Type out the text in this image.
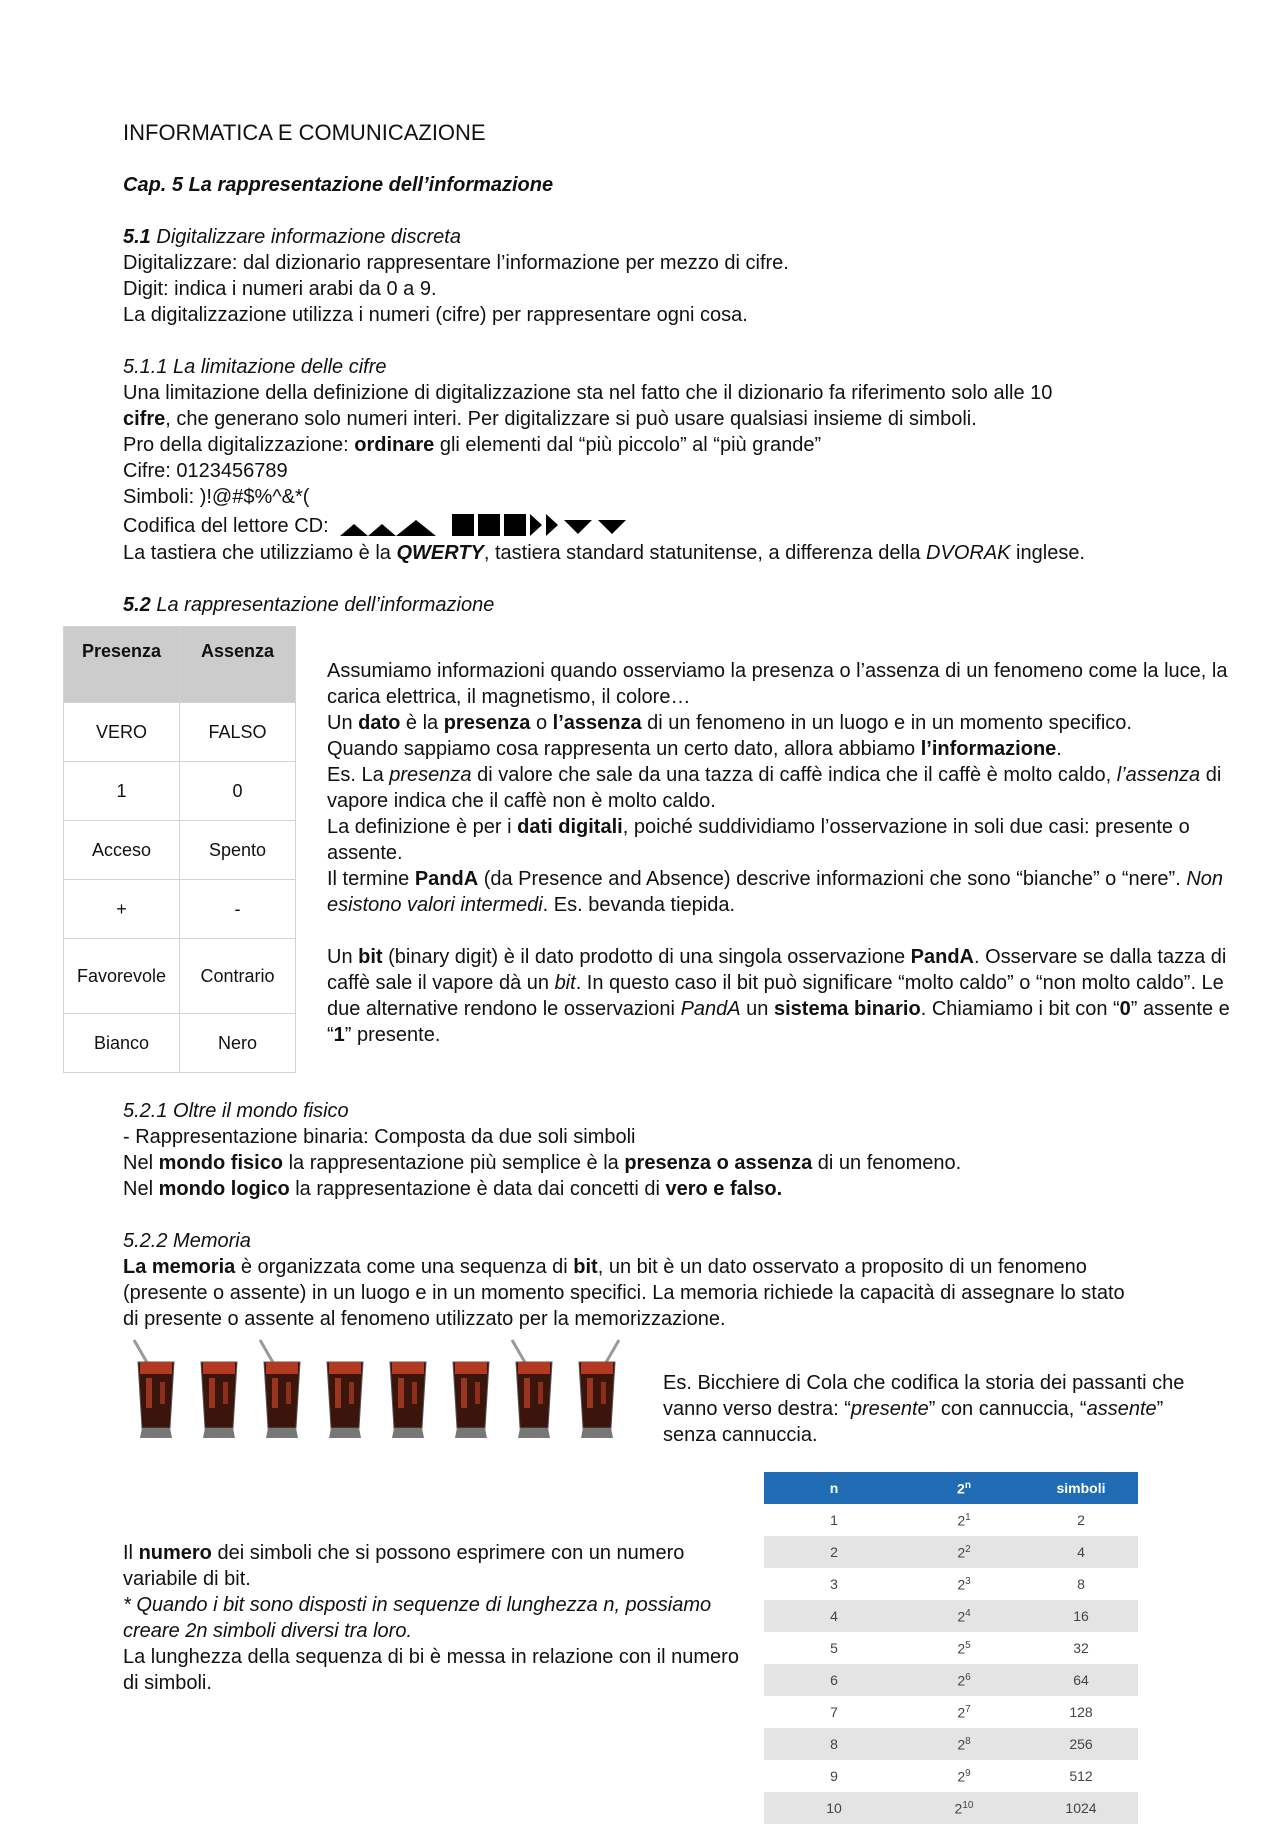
INFORMATICA E COMUNICAZIONE
Cap. 5 La rappresentazione dell’informazione
5.1 Digitalizzare informazione discreta
Digitalizzare: dal dizionario rappresentare l’informazione per mezzo di cifre.
Digit: indica i numeri arabi da 0 a 9.
La digitalizzazione utilizza i numeri (cifre) per rappresentare ogni cosa.
5.1.1 La limitazione delle cifre
Una limitazione della definizione di digitalizzazione sta nel fatto che il dizionario fa riferimento solo alle 10
cifre, che generano solo numeri interi. Per digitalizzare si può usare qualsiasi insieme di simboli.
Pro della digitalizzazione: ordinare gli elementi dal “più piccolo” al “più grande”
Cifre: 0123456789
Simboli: )!@#$%^&*(
Codifica del lettore CD:
La tastiera che utilizziamo è la QWERTY, tastiera standard statunitense, a differenza della DVORAK inglese.
5.2 La rappresentazione dell’informazione
Presenza	Assenza
VERO	FALSO
1	0
Acceso	Spento
+	-
Favorevole	Contrario
Bianco	Nero

Assumiamo informazioni quando osserviamo la presenza o l’assenza di un fenomeno come la luce, la carica elettrica, il magnetismo, il colore…

Un dato è la presenza o l’assenza di un fenomeno in un luogo e in un momento specifico.

Quando sappiamo cosa rappresenta un certo dato, allora abbiamo l’informazione.

Es. La presenza di valore che sale da una tazza di caffè indica che il caffè è molto caldo, l’assenza di vapore indica che il caffè non è molto caldo.

La definizione è per i dati digitali, poiché suddividiamo l’osservazione in soli due casi: presente o assente.

Il termine PandA (da Presence and Absence) descrive informazioni che sono “bianche” o “nere”. Non esistono valori intermedi. Es. bevanda tiepida.

Un bit (binary digit) è il dato prodotto di una singola osservazione PandA. Osservare se dalla tazza di caffè sale il vapore dà un bit. In questo caso il bit può significare “molto caldo” o “non molto caldo”. Le due alternative rendono le osservazioni PandA un sistema binario. Chiamiamo i bit con “0” assente e “1” presente.

5.2.1 Oltre il mondo fisico
- Rappresentazione binaria: Composta da due soli simboli
Nel mondo fisico la rappresentazione più semplice è la presenza o assenza di un fenomeno.
Nel mondo logico la rappresentazione è data dai concetti di vero e falso.
5.2.2 Memoria
La memoria è organizzata come una sequenza di bit, un bit è un dato osservato a proposito di un fenomeno (presente o assente) in un luogo e in un momento specifici. La memoria richiede la capacità di assegnare lo stato di presente o assente al fenomeno utilizzato per la memorizzazione.
Es. Bicchiere di Cola che codifica la storia dei passanti che vanno verso destra: “presente” con cannuccia, “assente” senza cannuccia.

Il numero dei simboli che si possono esprimere con un numero variabile di bit.

* Quando i bit sono disposti in sequenze di lunghezza n, possiamo creare 2n simboli diversi tra loro.

La lunghezza della sequenza di bi è messa in relazione con il numero di simboli.

n	2$^n$	simboli
1	$2^1$	2
2	$2^2$	4
3	$2^3$	8
4	$2^4$	16
5	$2^5$	32
6	$2^6$	64
7	$2^7$	128
8	$2^8$	256
9	$2^9$	512
10	$2^{10}$	1024
